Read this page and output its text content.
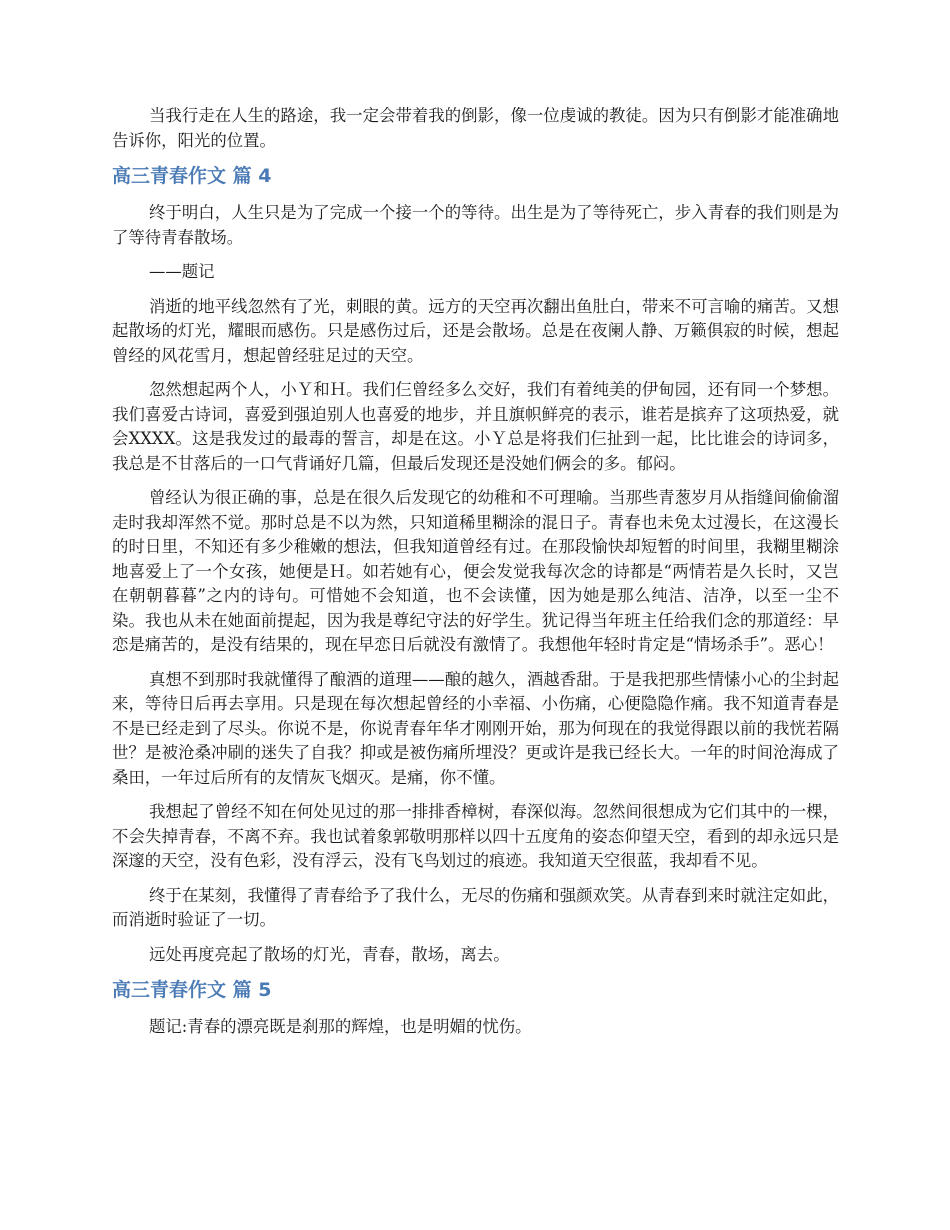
当我行走在人生的路途，我一定会带着我的倒影，像一位虔诚的教徒。因为只有倒影才能准确地告诉你，阳光的位置。

高三青春作文 篇 4

终于明白，人生只是为了完成一个接一个的等待。出生是为了等待死亡，步入青春的我们则是为了等待青春散场。

——题记

消逝的地平线忽然有了光，刺眼的黄。远方的天空再次翻出鱼肚白，带来不可言喻的痛苦。又想起散场的灯光，耀眼而感伤。只是感伤过后，还是会散场。总是在夜阑人静、万籁俱寂的时候，想起曾经的风花雪月，想起曾经驻足过的天空。

忽然想起两个人，小Ｙ和Ｈ。我们仨曾经多么交好，我们有着纯美的伊甸园，还有同一个梦想。我们喜爱古诗词，喜爱到强迫别人也喜爱的地步，并且旗帜鲜亮的表示，谁若是摈弃了这项热爱，就会XXXX。这是我发过的最毒的誓言，却是在这。小Ｙ总是将我们仨扯到一起，比比谁会的诗词多，我总是不甘落后的一口气背诵好几篇，但最后发现还是没她们俩会的多。郁闷。

曾经认为很正确的事，总是在很久后发现它的幼稚和不可理喻。当那些青葱岁月从指缝间偷偷溜走时我却浑然不觉。那时总是不以为然，只知道稀里糊涂的混日子。青春也未免太过漫长，在这漫长的时日里，不知还有多少稚嫩的想法，但我知道曾经有过。在那段愉快却短暂的时间里，我糊里糊涂地喜爱上了一个女孩，她便是Ｈ。如若她有心，便会发觉我每次念的诗都是“两情若是久长时，又岂在朝朝暮暮”之内的诗句。可惜她不会知道，也不会读懂，因为她是那么纯洁、洁净，以至一尘不染。我也从未在她面前提起，因为我是尊纪守法的好学生。犹记得当年班主任给我们念的那道经：早恋是痛苦的，是没有结果的，现在早恋日后就没有激情了。我想他年轻时肯定是“情场杀手”。恶心！

真想不到那时我就懂得了酿酒的道理——酿的越久，酒越香甜。于是我把那些情愫小心的尘封起来，等待日后再去享用。只是现在每次想起曾经的小幸福、小伤痛，心便隐隐作痛。我不知道青春是不是已经走到了尽头。你说不是，你说青春年华才刚刚开始，那为何现在的我觉得跟以前的我恍若隔世？是被沧桑冲刷的迷失了自我？抑或是被伤痛所埋没？更或许是我已经长大。一年的时间沧海成了桑田，一年过后所有的友情灰飞烟灭。是痛，你不懂。

我想起了曾经不知在何处见过的那一排排香樟树，春深似海。忽然间很想成为它们其中的一棵，不会失掉青春，不离不弃。我也试着象郭敬明那样以四十五度角的姿态仰望天空，看到的却永远只是深邃的天空，没有色彩，没有浮云，没有飞鸟划过的痕迹。我知道天空很蓝，我却看不见。

终于在某刻，我懂得了青春给予了我什么，无尽的伤痛和强颜欢笑。从青春到来时就注定如此，而消逝时验证了一切。

远处再度亮起了散场的灯光，青春，散场，离去。

高三青春作文 篇 5

题记:青春的漂亮既是刹那的辉煌，也是明媚的忧伤。
